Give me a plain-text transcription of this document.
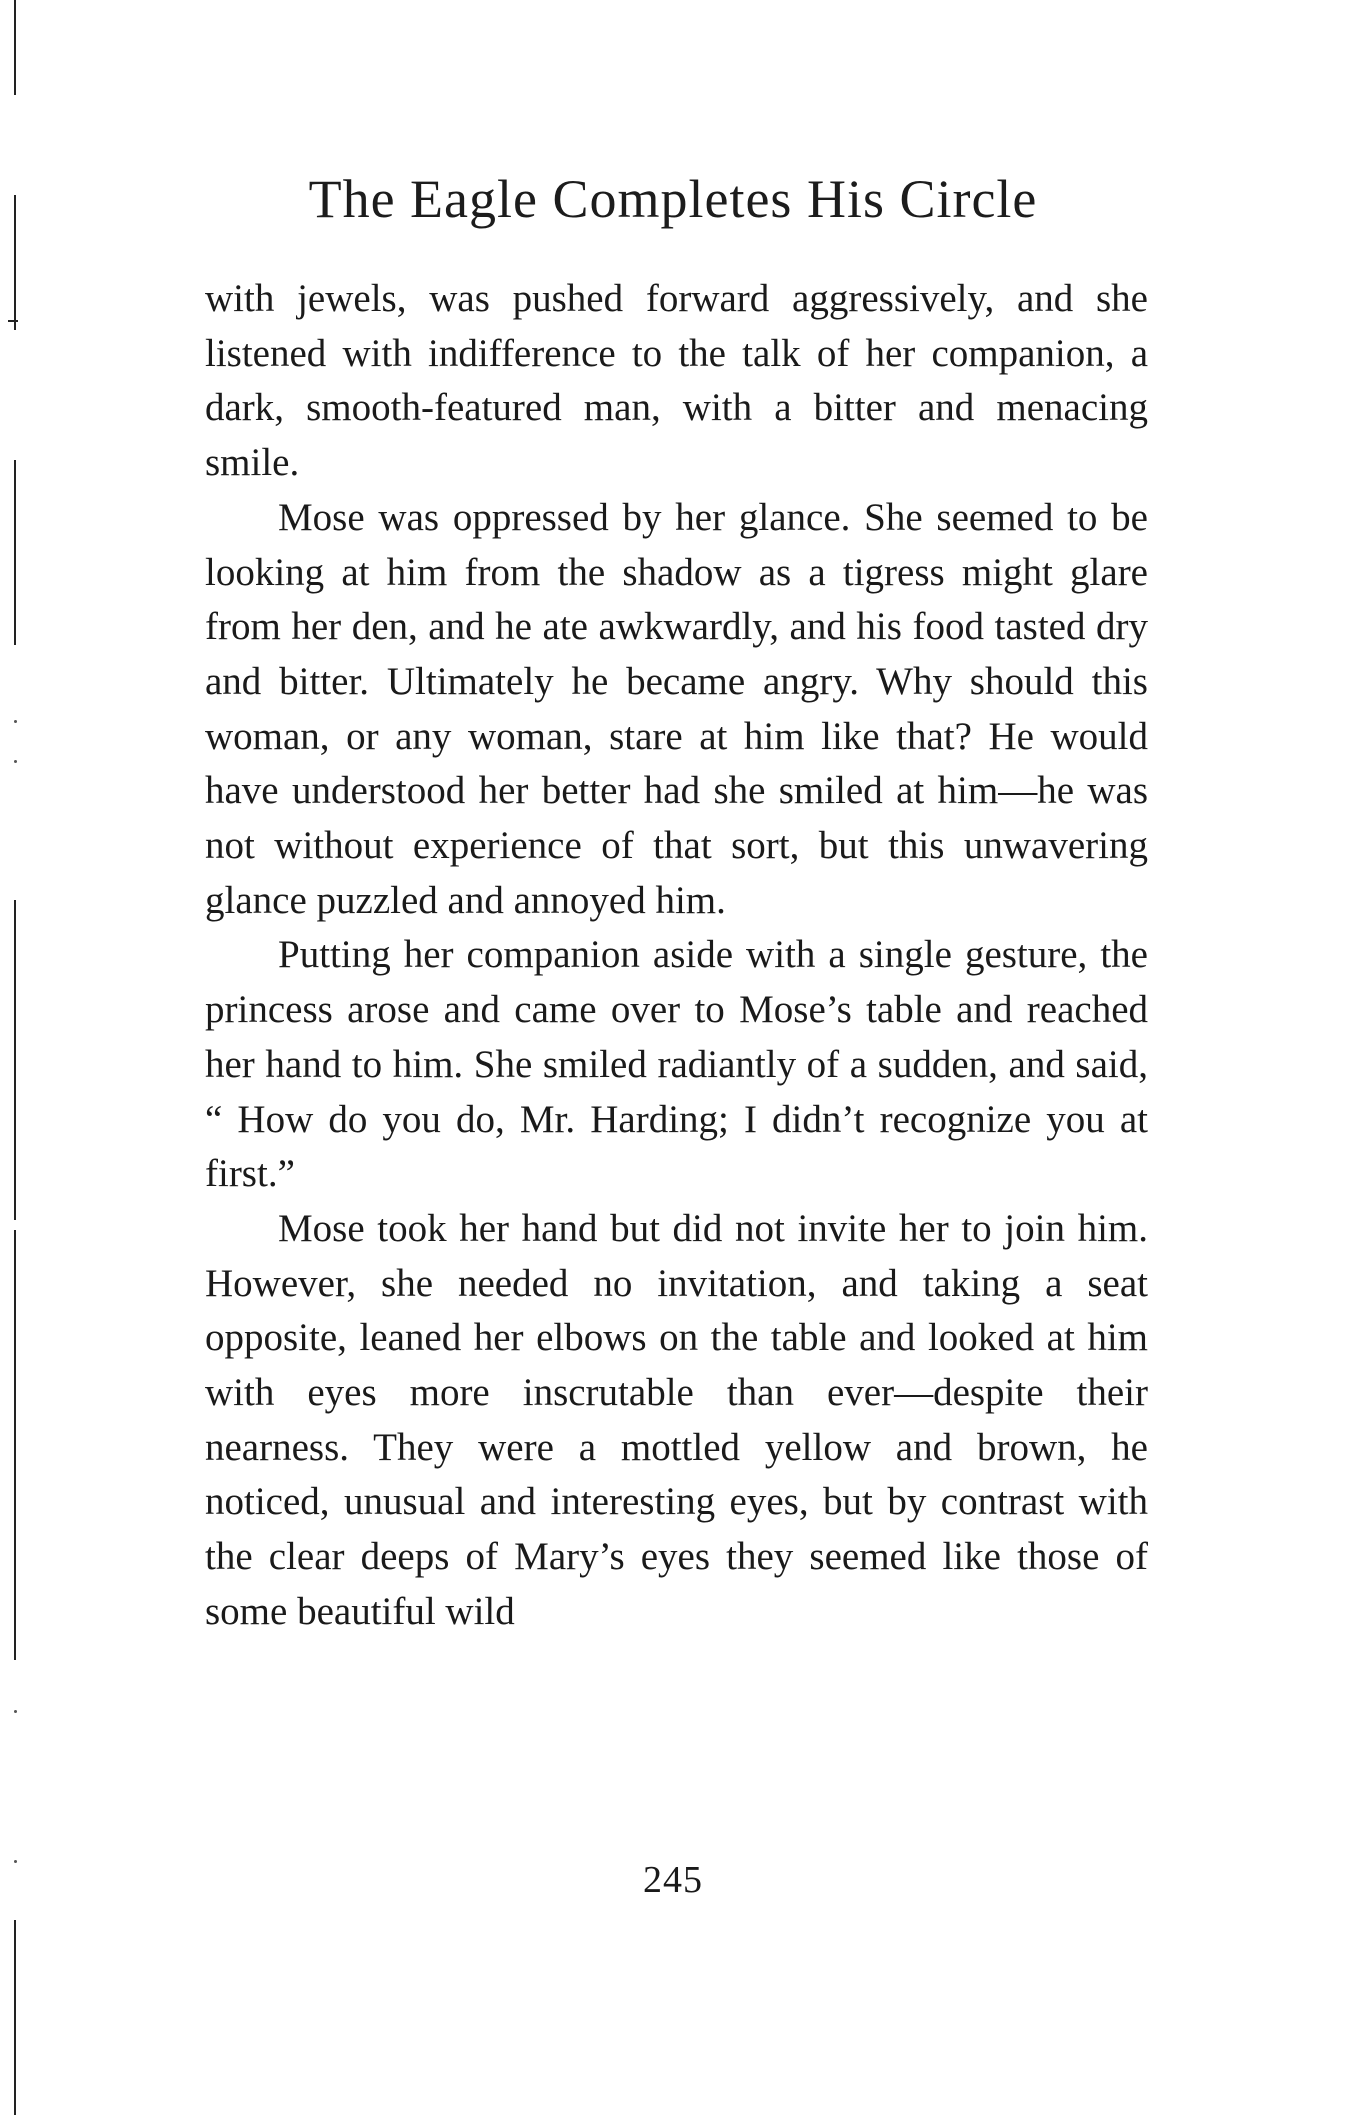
The Eagle Completes His Circle

with jewels, was pushed forward aggressively, and she listened with indifference to the talk of her companion, a dark, smooth-featured man, with a bitter and menacing smile.

Mose was oppressed by her glance. She seemed to be looking at him from the shadow as a tigress might glare from her den, and he ate awkwardly, and his food tasted dry and bitter. Ultimately he became angry. Why should this woman, or any woman, stare at him like that? He would have understood her better had she smiled at him—he was not without experience of that sort, but this unwavering glance puzzled and annoyed him.

Putting her companion aside with a single gesture, the princess arose and came over to Mose’s table and reached her hand to him. She smiled radiantly of a sudden, and said, “ How do you do, Mr. Harding; I didn’t recognize you at first.”

Mose took her hand but did not invite her to join him. However, she needed no invitation, and taking a seat opposite, leaned her elbows on the table and looked at him with eyes more inscrutable than ever—despite their nearness. They were a mottled yellow and brown, he noticed, unusual and interesting eyes, but by contrast with the clear deeps of Mary’s eyes they seemed like those of some beautiful wild

245
